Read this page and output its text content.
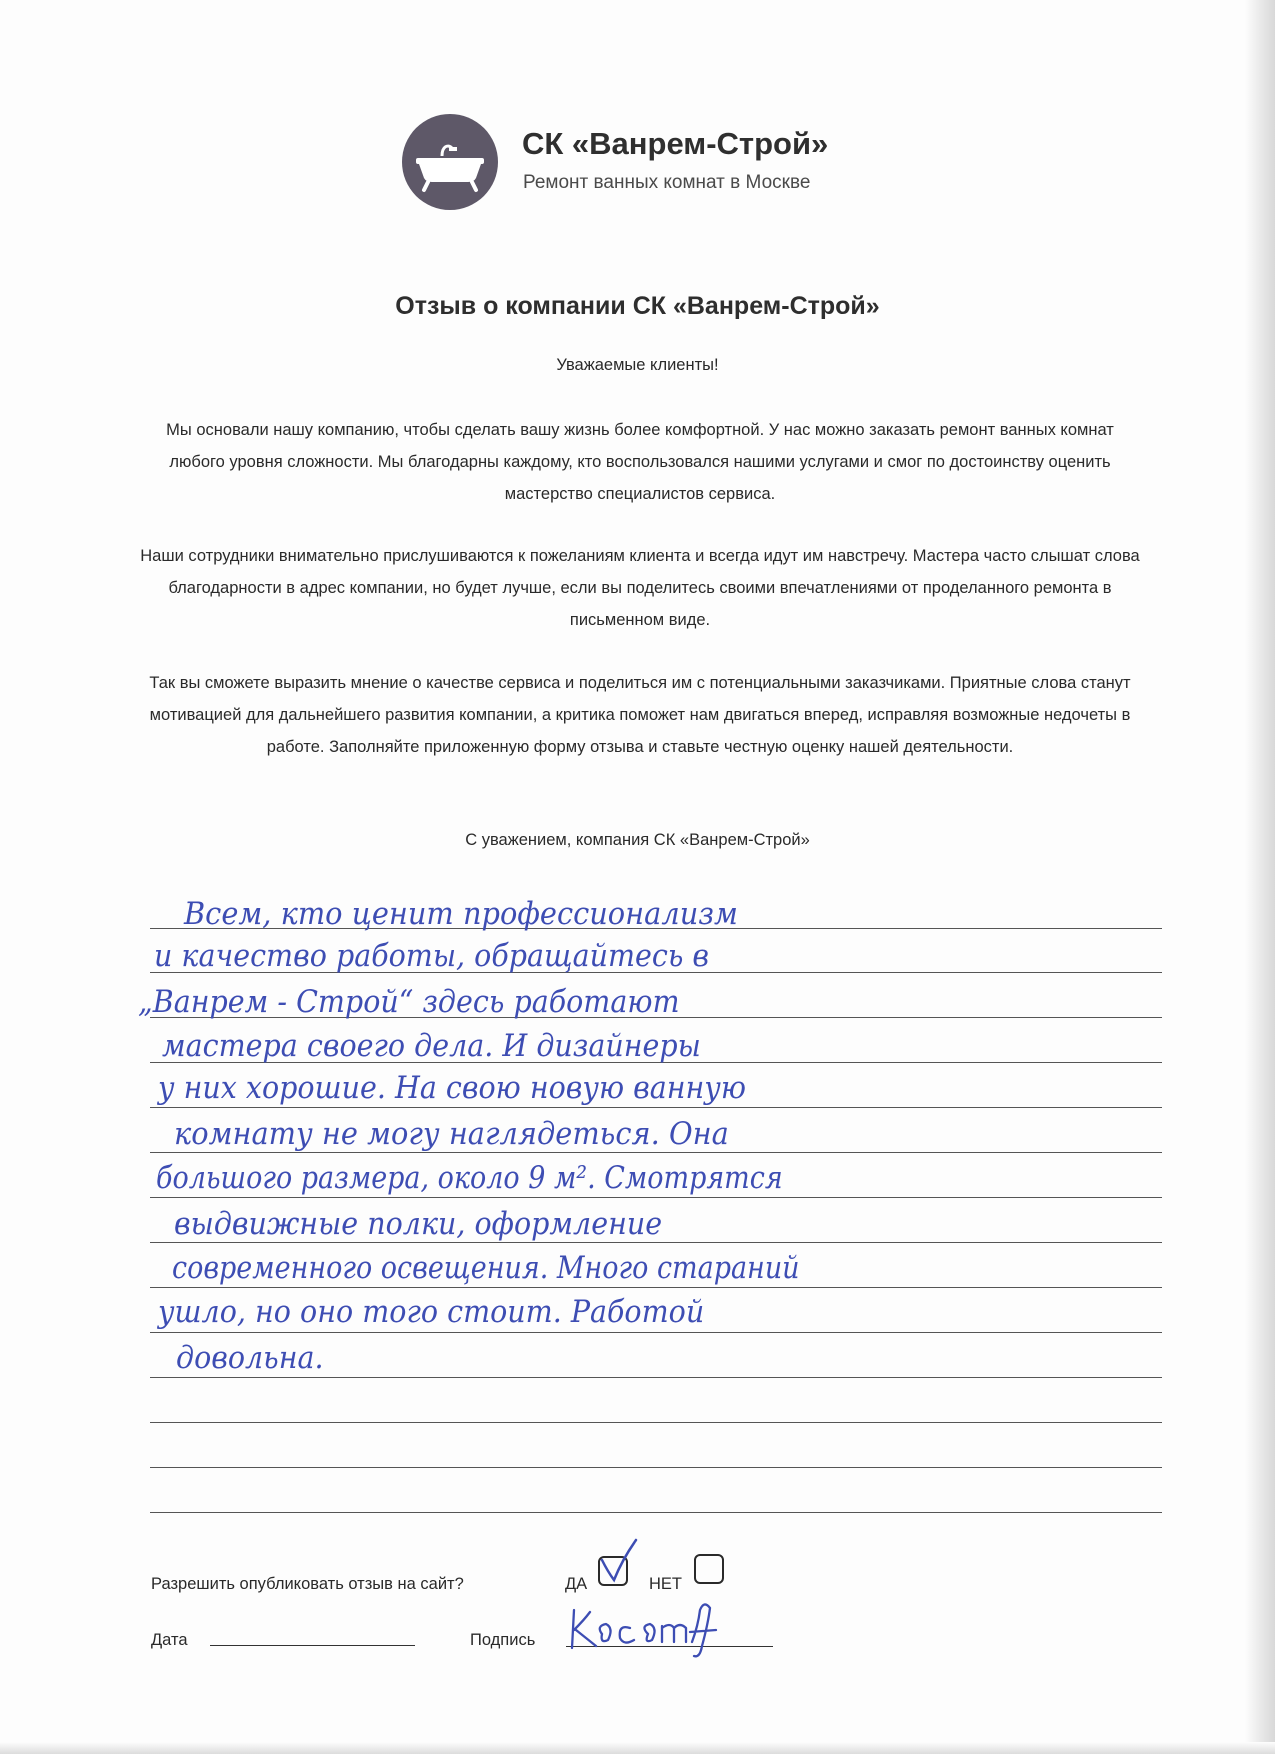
СК «Ванрем-Строй»
Ремонт ванных комнат в Москве
Отзыв о компании СК «Ванрем-Строй»
Уважаемые клиенты!
Мы основали нашу компанию, чтобы сделать вашу жизнь более комфортной. У нас можно заказать ремонт ванных комнат любого уровня сложности. Мы благодарны каждому, кто воспользовался нашими услугами и смог по достоинству оценить мастерство специалистов сервиса.
Наши сотрудники внимательно прислушиваются к пожеланиям клиента и всегда идут им навстречу. Мастера часто слышат слова благодарности в адрес компании, но будет лучше, если вы поделитесь своими впечатлениями от проделанного ремонта в письменном виде.
Так вы сможете выразить мнение о качестве сервиса и поделиться им с потенциальными заказчиками. Приятные слова станут мотивацией для дальнейшего развития компании, а критика поможет нам двигаться вперед, исправляя возможные недочеты в работе. Заполняйте приложенную форму отзыва и ставьте честную оценку нашей деятельности.
С уважением, компания СК «Ванрем-Строй»
Всем, кто ценит профессионализм
и качество работы, обращайтесь в
„Ванрем - Строй“ здесь работают
мастера своего дела. И дизайнеры
у них хорошие. На свою новую ванную
комнату не могу наглядеться. Она
большого размера, около 9 м². Смотрятся
выдвижные полки, оформление
современного освещения. Много стараний
ушло, но оно того стоит. Работой
довольна.
Разрешить опубликовать отзыв на сайт?	ДА	НЕТ
Дата	Подпись
